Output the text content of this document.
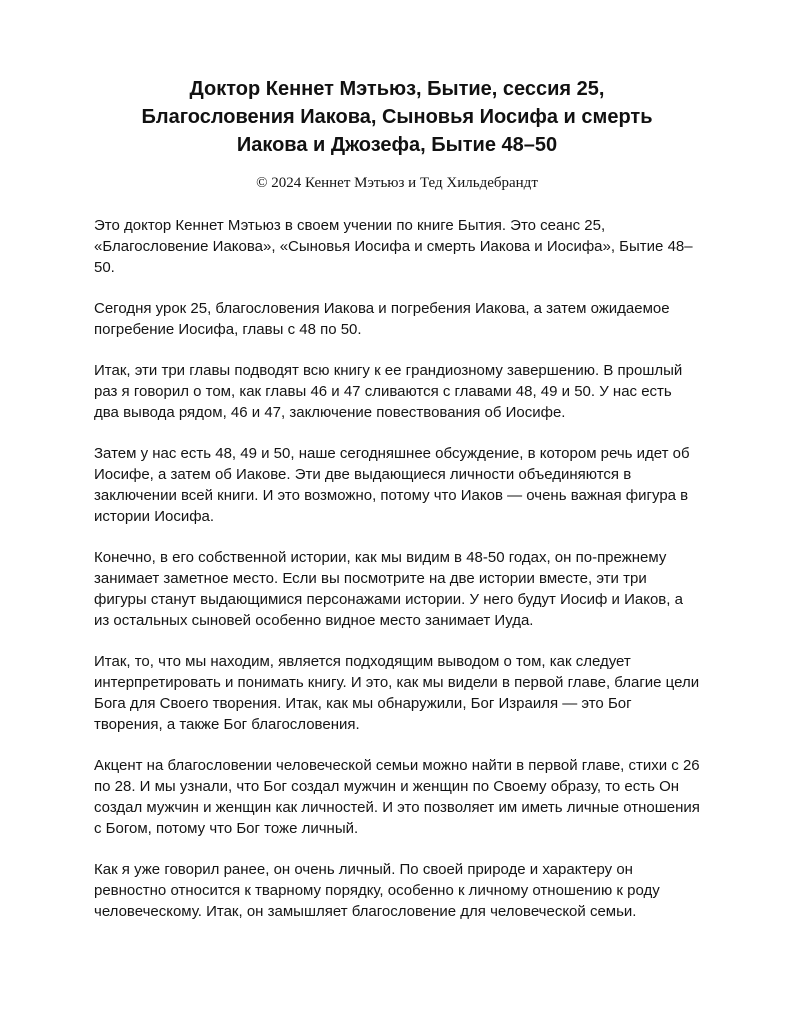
Доктор Кеннет Мэтьюз, Бытие, сессия 25,
Благословения Иакова, Сыновья Иосифа и смерть
Иакова и Джозефа, Бытие 48–50
© 2024 Кеннет Мэтьюз и Тед Хильдебрандт

Это доктор Кеннет Мэтьюз в своем учении по книге Бытия. Это сеанс 25, «Благословение Иакова», «Сыновья Иосифа и смерть Иакова и Иосифа», Бытие 48–50.

Сегодня урок 25, благословения Иакова и погребения Иакова, а затем ожидаемое погребение Иосифа, главы с 48 по 50.

Итак, эти три главы подводят всю книгу к ее грандиозному завершению. В прошлый раз я говорил о том, как главы 46 и 47 сливаются с главами 48, 49 и 50. У нас есть два вывода рядом, 46 и 47, заключение повествования об Иосифе.

Затем у нас есть 48, 49 и 50, наше сегодняшнее обсуждение, в котором речь идет об Иосифе, а затем об Иакове. Эти две выдающиеся личности объединяются в заключении всей книги. И это возможно, потому что Иаков — очень важная фигура в истории Иосифа.

Конечно, в его собственной истории, как мы видим в 48-50 годах, он по-прежнему занимает заметное место. Если вы посмотрите на две истории вместе, эти три фигуры станут выдающимися персонажами истории. У него будут Иосиф и Иаков, а из остальных сыновей особенно видное место занимает Иуда.

Итак, то, что мы находим, является подходящим выводом о том, как следует интерпретировать и понимать книгу. И это, как мы видели в первой главе, благие цели Бога для Своего творения. Итак, как мы обнаружили, Бог Израиля — это Бог творения, а также Бог благословения.

Акцент на благословении человеческой семьи можно найти в первой главе, стихи с 26 по 28. И мы узнали, что Бог создал мужчин и женщин по Своему образу, то есть Он создал мужчин и женщин как личностей. И это позволяет им иметь личные отношения с Богом, потому что Бог тоже личный.

Как я уже говорил ранее, он очень личный. По своей природе и характеру он ревностно относится к тварному порядку, особенно к личному отношению к роду человеческому. Итак, он замышляет благословение для человеческой семьи.
